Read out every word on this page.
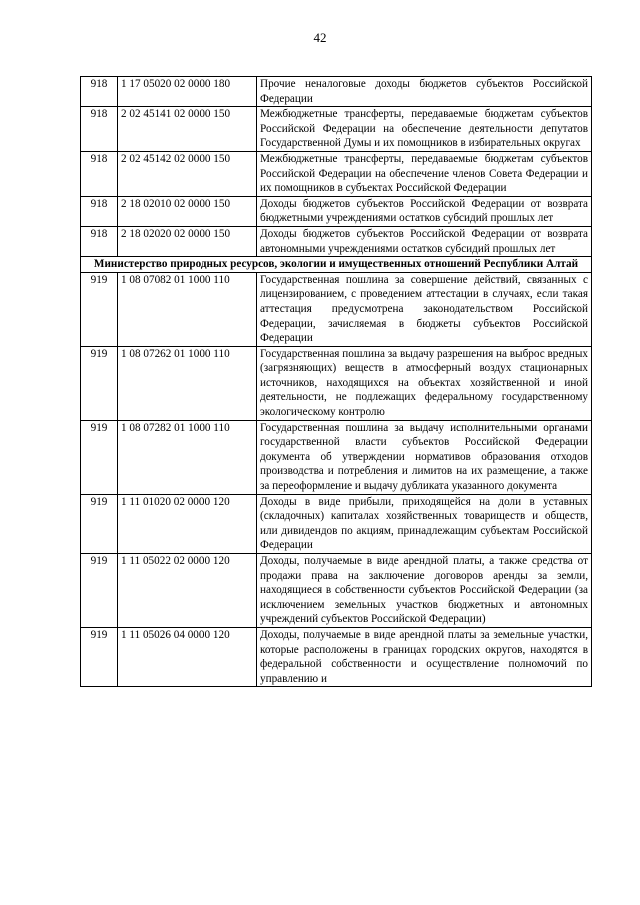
42
918	1 17 05020 02 0000 180	Прочие неналоговые доходы бюджетов субъектов Российской Федерации
918	2 02 45141 02 0000 150	Межбюджетные трансферты, передаваемые бюджетам субъектов Российской Федерации на обеспечение деятельности депутатов Государственной Думы и их помощников в избирательных округах
918	2 02 45142 02 0000 150	Межбюджетные трансферты, передаваемые бюджетам субъектов Российской Федерации на обеспечение членов Совета Федерации и их помощников в субъектах Российской Федерации
918	2 18 02010 02 0000 150	Доходы бюджетов субъектов Российской Федерации от возврата бюджетными учреждениями остатков субсидий прошлых лет
918	2 18 02020 02 0000 150	Доходы бюджетов субъектов Российской Федерации от возврата автономными учреждениями остатков субсидий прошлых лет
Министерство природных ресурсов, экологии и имущественных отношений Республики Алтай		
919	1 08 07082 01 1000 110	Государственная пошлина за совершение действий, связанных с лицензированием, с проведением аттестации в случаях, если такая аттестация предусмотрена законодательством Российской Федерации, зачисляемая в бюджеты субъектов Российской Федерации
919	1 08 07262 01 1000 110	Государственная пошлина за выдачу разрешения на выброс вредных (загрязняющих) веществ в атмосферный воздух стационарных источников, находящихся на объектах хозяйственной и иной деятельности, не подлежащих федеральному государственному экологическому контролю
919	1 08 07282 01 1000 110	Государственная пошлина за выдачу исполнительными органами государственной власти субъектов Российской Федерации документа об утверждении нормативов образования отходов производства и потребления и лимитов на их размещение, а также за переоформление и выдачу дубликата указанного документа
919	1 11 01020 02 0000 120	Доходы в виде прибыли, приходящейся на доли в уставных (складочных) капиталах хозяйственных товариществ и обществ, или дивидендов по акциям, принадлежащим субъектам Российской Федерации
919	1 11 05022 02 0000 120	Доходы, получаемые в виде арендной платы, а также средства от продажи права на заключение договоров аренды за земли, находящиеся в собственности субъектов Российской Федерации (за исключением земельных участков бюджетных и автономных учреждений субъектов Российской Федерации)
919	1 11 05026 04 0000 120	Доходы, получаемые в виде арендной платы за земельные участки, которые расположены в границах городских округов, находятся в федеральной собственности и осуществление полномочий по управлению и
